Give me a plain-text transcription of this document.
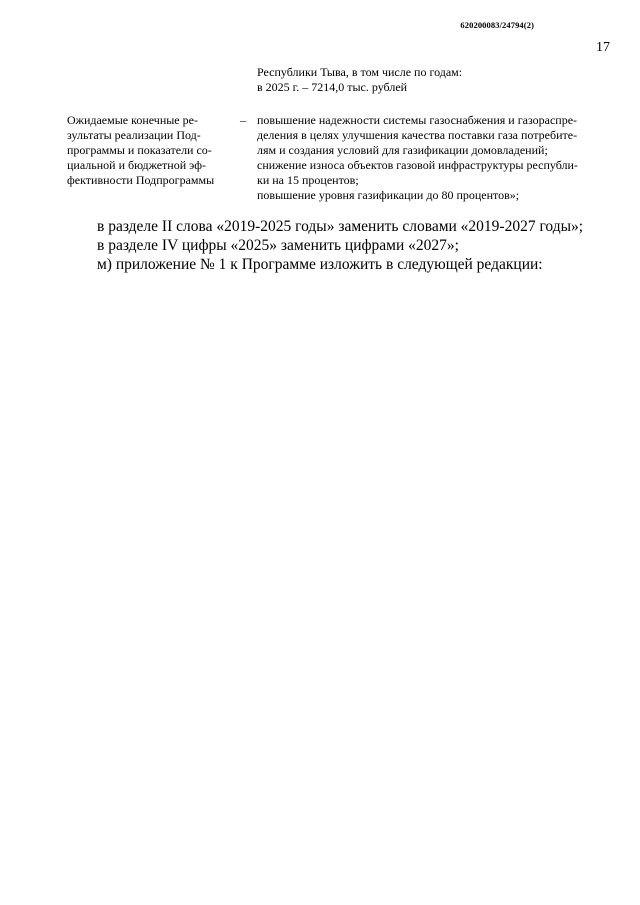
620200083/24794(2)
17
Республики Тыва, в том числе по годам:
в 2025 г. – 7214,0 тыс. рублей
Ожидаемые конечные ре-
зультаты реализации Под-
программы и показатели со-
циальной и бюджетной эф-
фективности Подпрограммы
– повышение надежности системы газоснабжения и газораспре-
деления в целях улучшения качества поставки газа потребите-
лям и создания условий для газификации домовладений;
снижение износа объектов газовой инфраструктуры республи-
ки на 15 процентов;
повышение уровня газификации до 80 процентов»;
в разделе II слова «2019-2025 годы» заменить словами «2019-2027 годы»;
в разделе IV цифры «2025» заменить цифрами «2027»;
м) приложение № 1 к Программе изложить в следующей редакции:
